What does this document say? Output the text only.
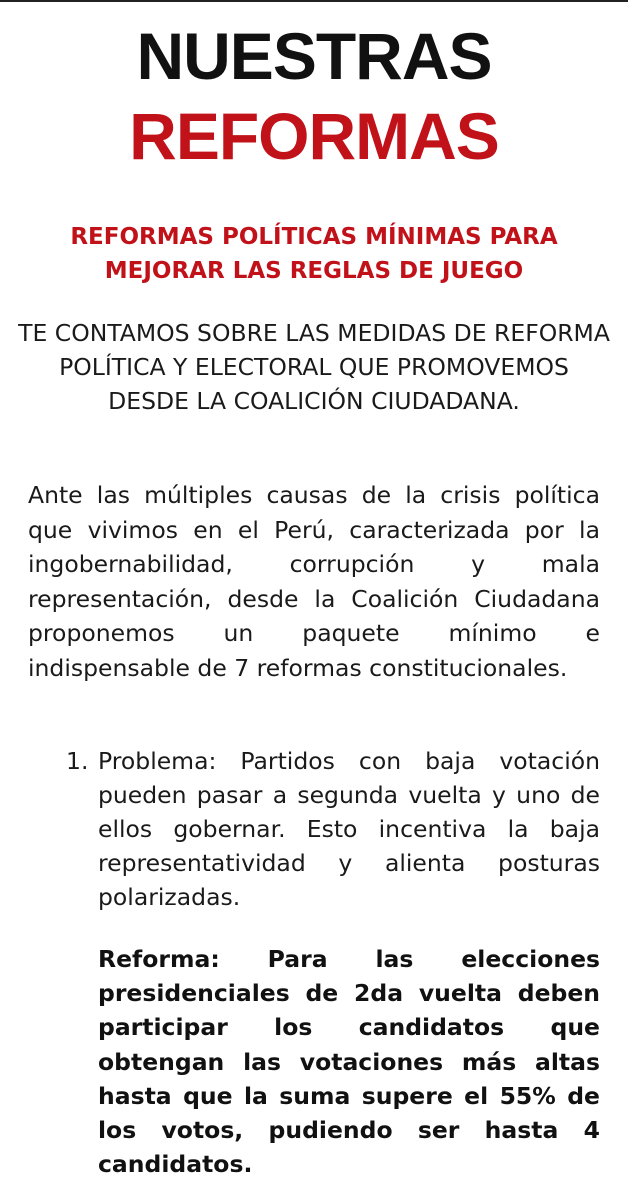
NUESTRAS
REFORMAS
REFORMAS POLÍTICAS MÍNIMAS PARA MEJORAR LAS REGLAS DE JUEGO
TE CONTAMOS SOBRE LAS MEDIDAS DE REFORMA POLÍTICA Y ELECTORAL QUE PROMOVEMOS DESDE LA COALICIÓN CIUDADANA.
Ante las múltiples causas de la crisis política que vivimos en el Perú, caracterizada por la ingobernabilidad, corrupción y mala representación, desde la Coalición Ciudadana proponemos un paquete mínimo e indispensable de 7 reformas constitucionales.
1. Problema: Partidos con baja votación pueden pasar a segunda vuelta y uno de ellos gobernar. Esto incentiva la baja representatividad y alienta posturas polarizadas.
Reforma: Para las elecciones presidenciales de 2da vuelta deben participar los candidatos que obtengan las votaciones más altas hasta que la suma supere el 55% de los votos, pudiendo ser hasta 4 candidatos.
